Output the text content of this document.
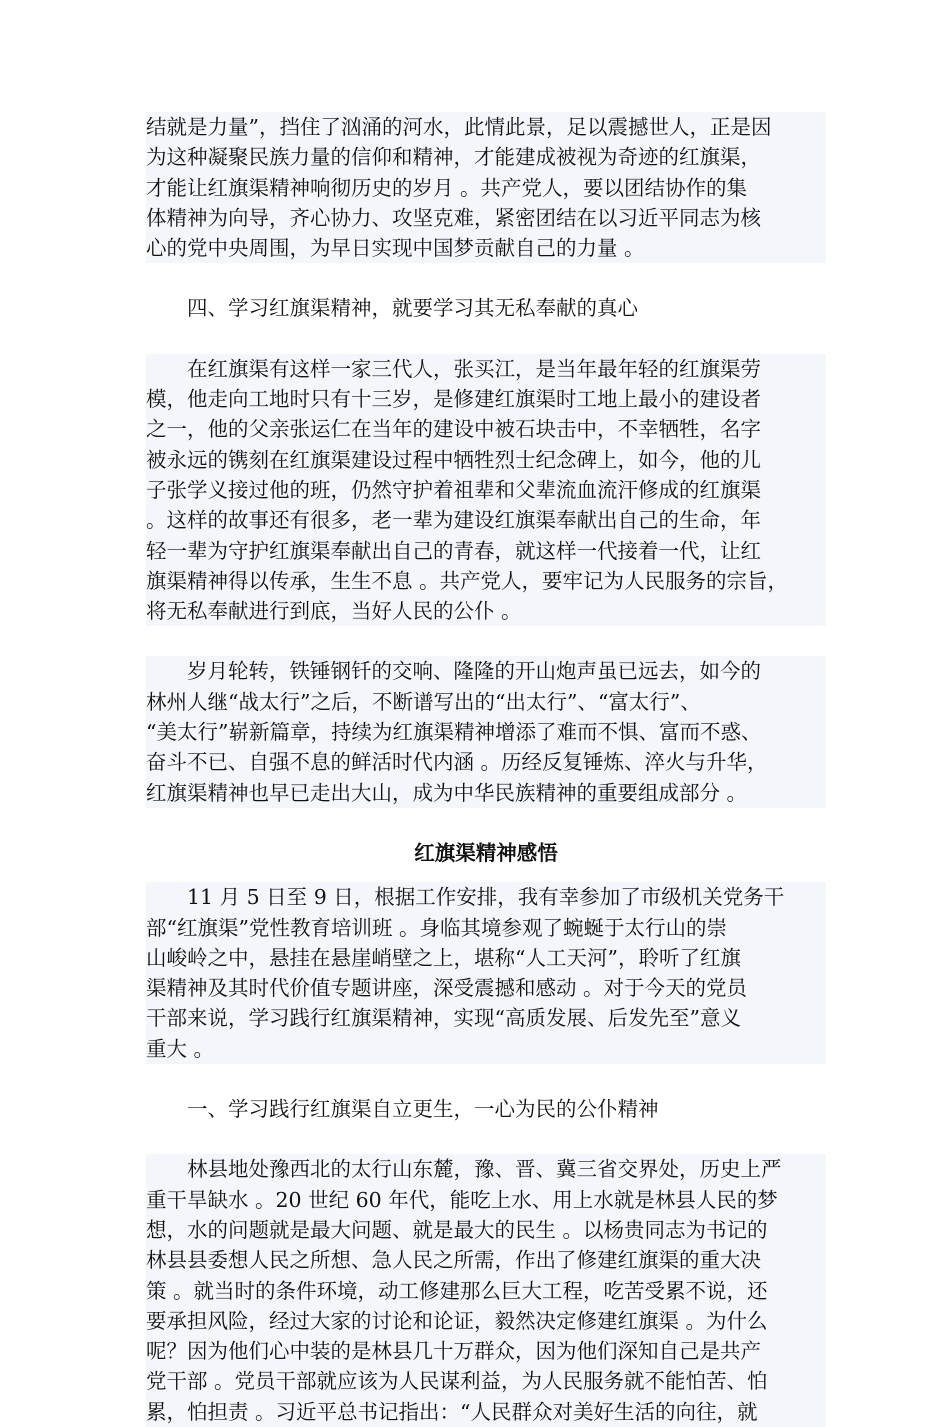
结就是力量”，挡住了汹涌的河水，此情此景，足以震撼世人，正是因
为这种凝聚民族力量的信仰和精神，才能建成被视为奇迹的红旗渠，
才能让红旗渠精神响彻历史的岁月 。共产党人，要以团结协作的集
体精神为向导，齐心协力、攻坚克难，紧密团结在以习近平同志为核
心的党中央周围，为早日实现中国梦贡献自己的力量 。
四、学习红旗渠精神，就要学习其无私奉献的真心
在红旗渠有这样一家三代人，张买江，是当年最年轻的红旗渠劳
模，他走向工地时只有十三岁，是修建红旗渠时工地上最小的建设者
之一，他的父亲张运仁在当年的建设中被石块击中，不幸牺牲，名字
被永远的镌刻在红旗渠建设过程中牺牲烈士纪念碑上，如今，他的儿
子张学义接过他的班，仍然守护着祖辈和父辈流血流汗修成的红旗渠
。这样的故事还有很多，老一辈为建设红旗渠奉献出自己的生命，年
轻一辈为守护红旗渠奉献出自己的青春，就这样一代接着一代，让红
旗渠精神得以传承，生生不息 。共产党人，要牢记为人民服务的宗旨，
将无私奉献进行到底，当好人民的公仆 。
岁月轮转，铁锤钢钎的交响、隆隆的开山炮声虽已远去，如今的
林州人继“战太行”之后，不断谱写出的“出太行”、“富太行”、
“美太行”崭新篇章，持续为红旗渠精神增添了难而不惧、富而不惑、
奋斗不已、自强不息的鲜活时代内涵 。历经反复锤炼、淬火与升华，
红旗渠精神也早已走出大山，成为中华民族精神的重要组成部分 。
红旗渠精神感悟
11 月 5 日至 9 日，根据工作安排，我有幸参加了市级机关党务干
部“红旗渠”党性教育培训班 。身临其境参观了蜿蜒于太行山的崇
山峻岭之中，悬挂在悬崖峭壁之上，堪称“人工天河”，聆听了红旗
渠精神及其时代价值专题讲座，深受震撼和感动 。对于今天的党员
干部来说，学习践行红旗渠精神，实现“高质发展、后发先至”意义
重大 。
一、学习践行红旗渠自立更生，一心为民的公仆精神
林县地处豫西北的太行山东麓，豫、晋、冀三省交界处，历史上严
重干旱缺水 。20 世纪 60 年代，能吃上水、用上水就是林县人民的梦
想，水的问题就是最大问题、就是最大的民生 。以杨贵同志为书记的
林县县委想人民之所想、急人民之所需，作出了修建红旗渠的重大决
策 。就当时的条件环境，动工修建那么巨大工程，吃苦受累不说，还
要承担风险，经过大家的讨论和论证，毅然决定修建红旗渠 。为什么
呢？因为他们心中装的是林县几十万群众，因为他们深知自己是共产
党干部 。党员干部就应该为人民谋利益，为人民服务就不能怕苦、怕
累，怕担责 。习近平总书记指出：“人民群众对美好生活的向往，就
